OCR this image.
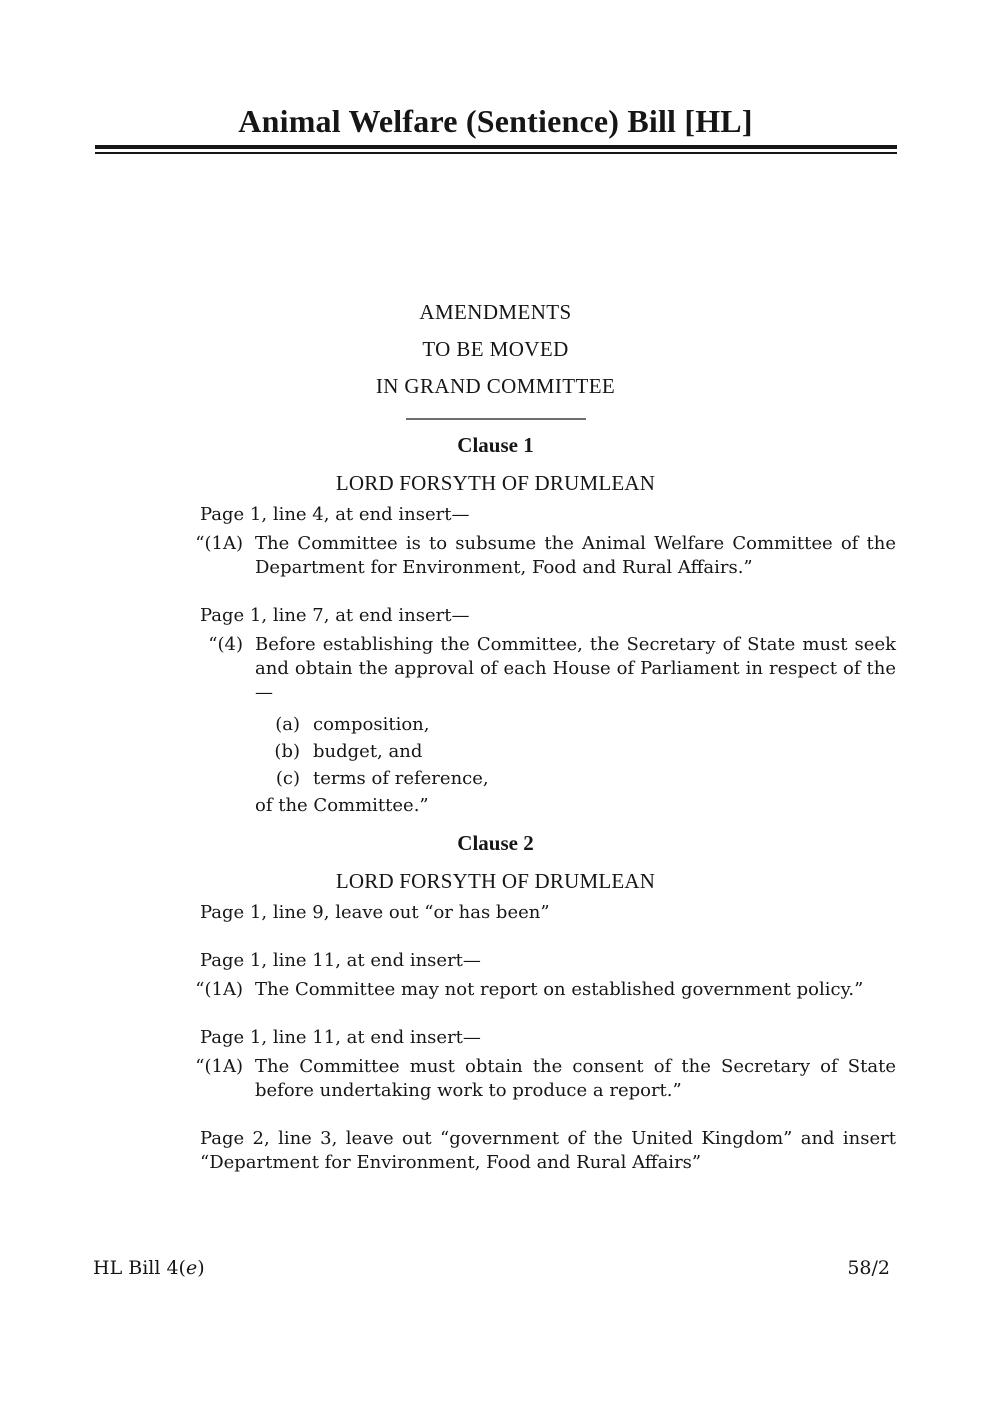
Animal Welfare (Sentience) Bill [HL]

AMENDMENTS

TO BE MOVED

IN GRAND COMMITTEE

Clause 1
LORD FORSYTH OF DRUMLEAN
Page 1, line 4, at end insert—
“(1A) The Committee is to subsume the Animal Welfare Committee of the Department for Environment, Food and Rural Affairs.”
Page 1, line 7, at end insert—
“(4) Before establishing the Committee, the Secretary of State must seek and obtain the approval of each House of Parliament in respect of the—
(a) composition,
(b) budget, and
(c) terms of reference,
of the Committee.”
Clause 2
LORD FORSYTH OF DRUMLEAN
Page 1, line 9, leave out “or has been”
Page 1, line 11, at end insert—
“(1A) The Committee may not report on established government policy.”
Page 1, line 11, at end insert—
“(1A) The Committee must obtain the consent of the Secretary of State before undertaking work to produce a report.”
Page 2, line 3, leave out “government of the United Kingdom” and insert “Department for Environment, Food and Rural Affairs”
HL Bill 4(e)	58/2
